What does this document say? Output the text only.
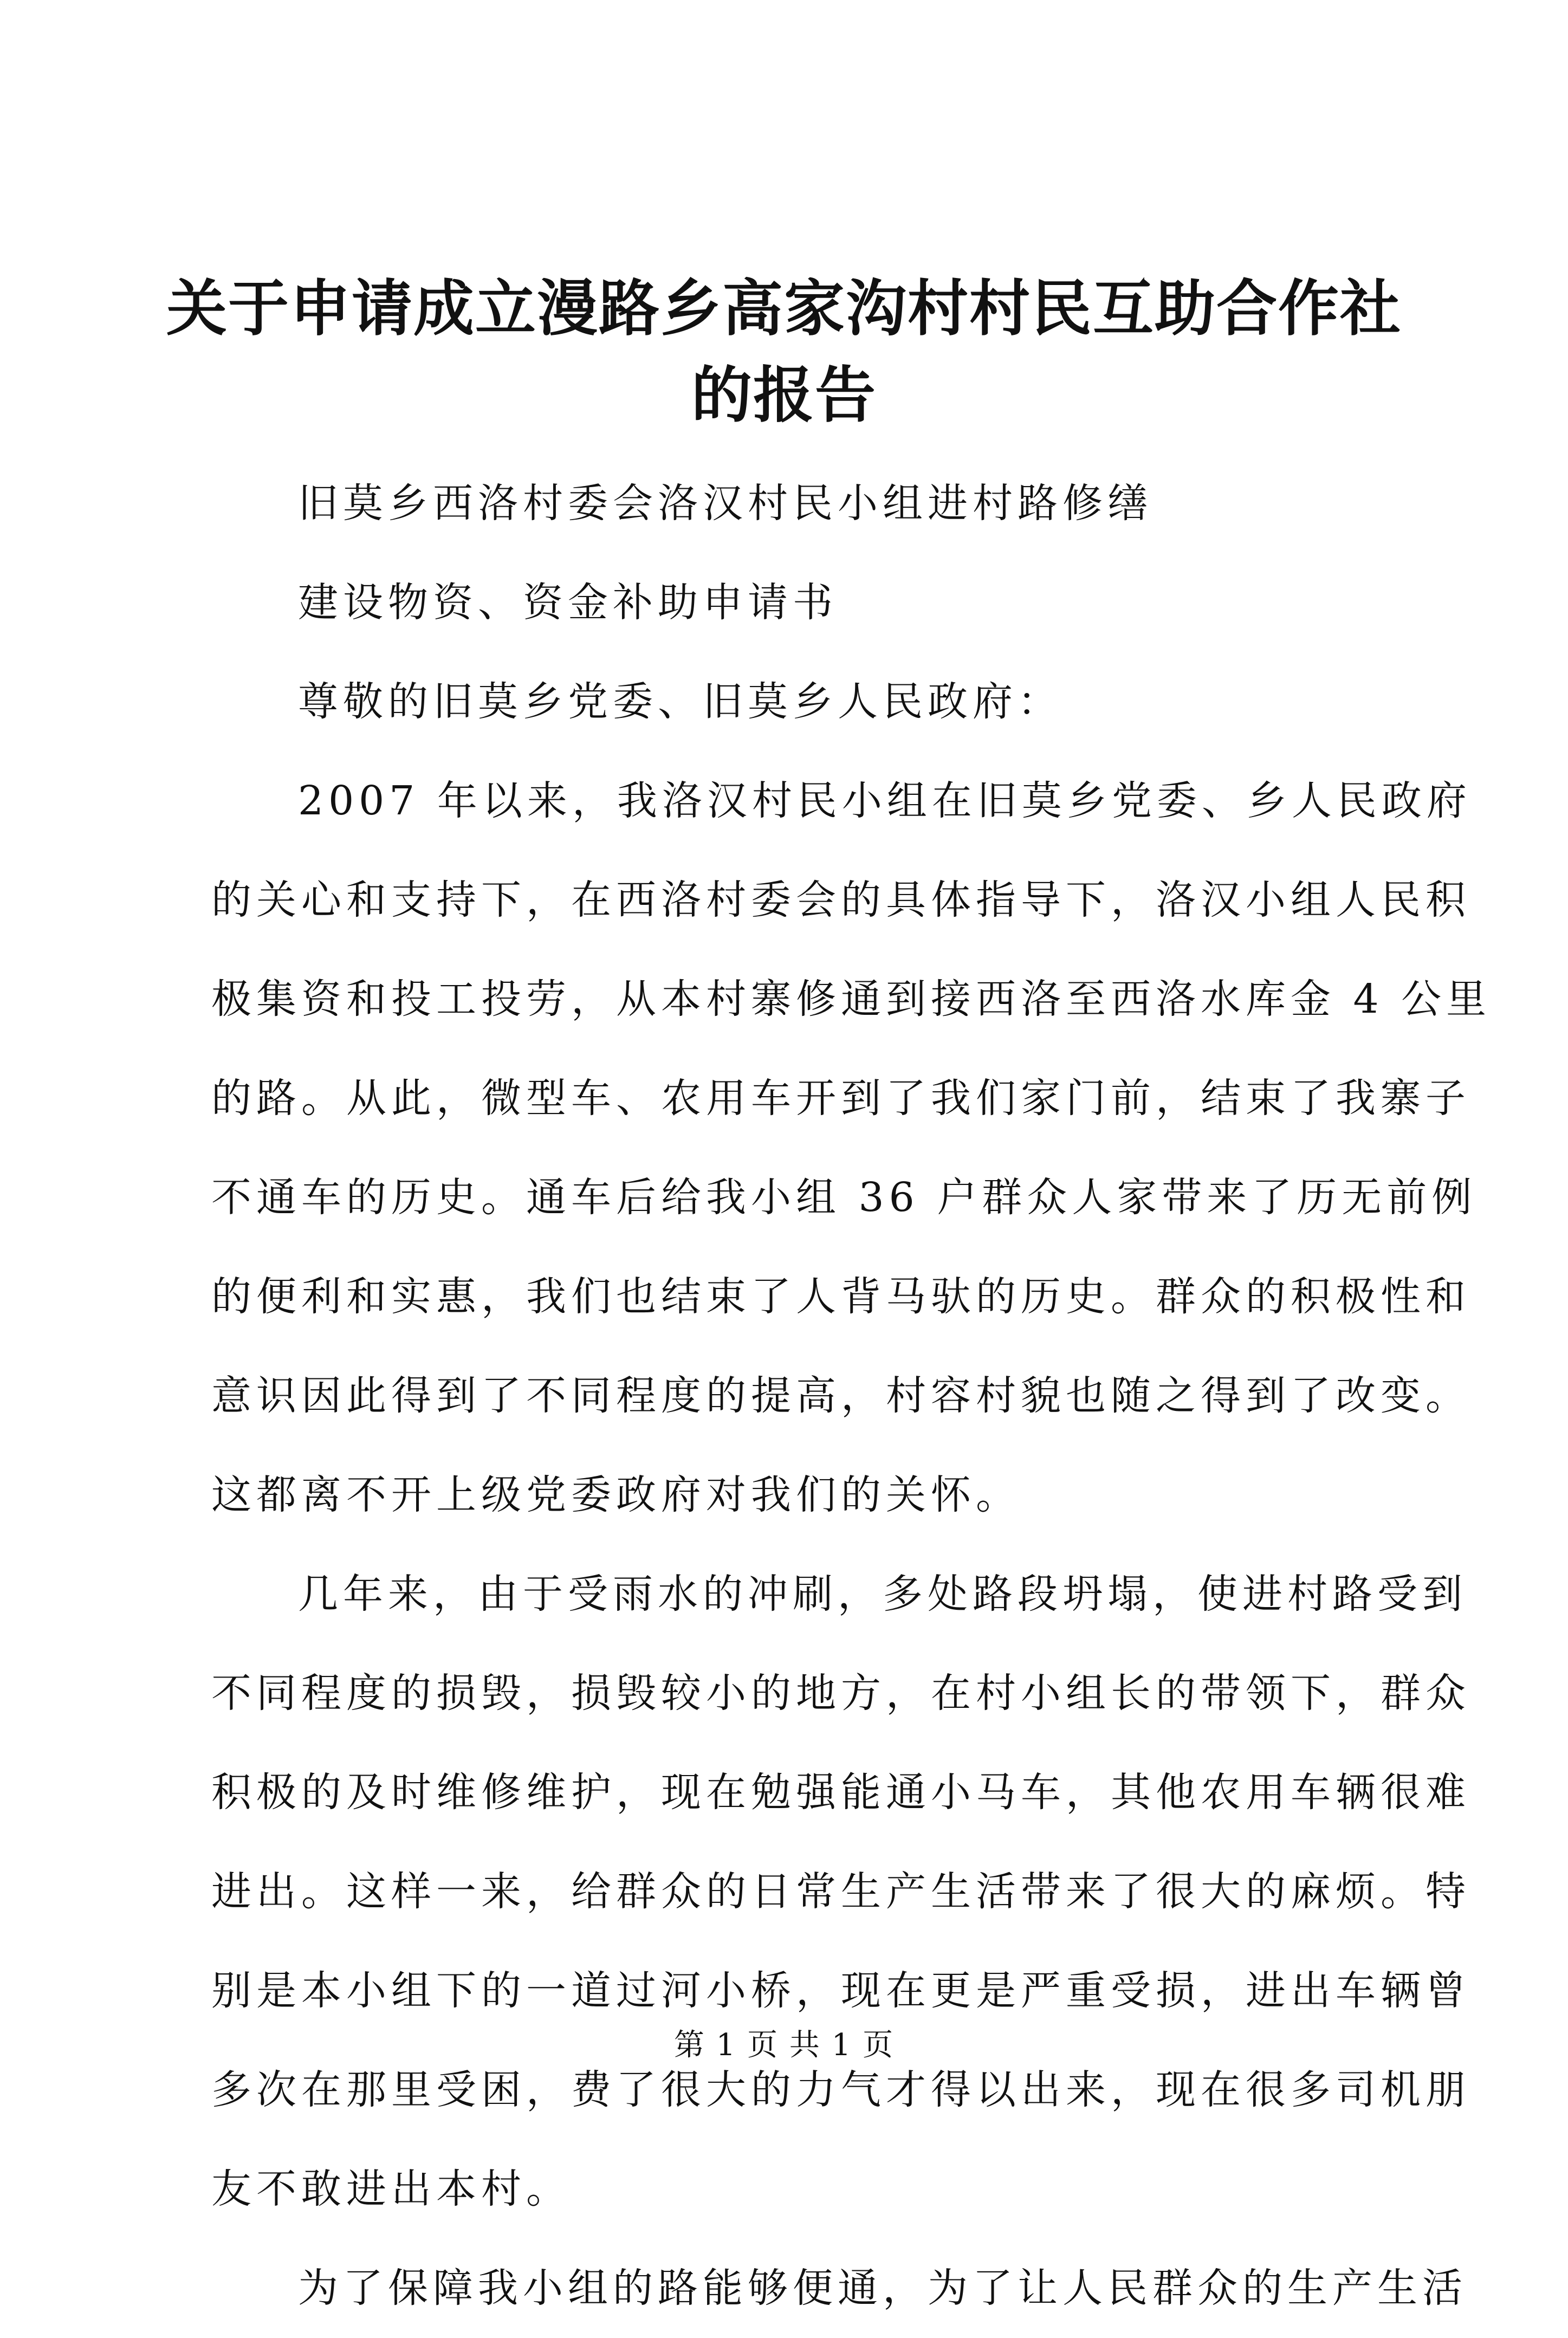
关于申请成立漫路乡高家沟村村民互助合作社
的报告

旧莫乡西洛村委会洛汉村民小组进村路修缮

建设物资、资金补助申请书

尊敬的旧莫乡党委、旧莫乡人民政府：

2007 年以来，我洛汉村民小组在旧莫乡党委、乡人民政府
的关心和支持下，在西洛村委会的具体指导下，洛汉小组人民积
极集资和投工投劳，从本村寨修通到接西洛至西洛水库金 4 公里
的路。从此，微型车、农用车开到了我们家门前，结束了我寨子
不通车的历史。通车后给我小组 36 户群众人家带来了历无前例
的便利和实惠，我们也结束了人背马驮的历史。群众的积极性和
意识因此得到了不同程度的提高，村容村貌也随之得到了改变。
这都离不开上级党委政府对我们的关怀。
几年来，由于受雨水的冲刷，多处路段坍塌，使进村路受到
不同程度的损毁，损毁较小的地方，在村小组长的带领下，群众
积极的及时维修维护，现在勉强能通小马车，其他农用车辆很难
进出。这样一来，给群众的日常生产生活带来了很大的麻烦。特
别是本小组下的一道过河小桥，现在更是严重受损，进出车辆曾
多次在那里受困，费了很大的力气才得以出来，现在很多司机朋
友不敢进出本村。
为了保障我小组的路能够便通，为了让人民群众的生产生活
第 1 页 共 1 页
